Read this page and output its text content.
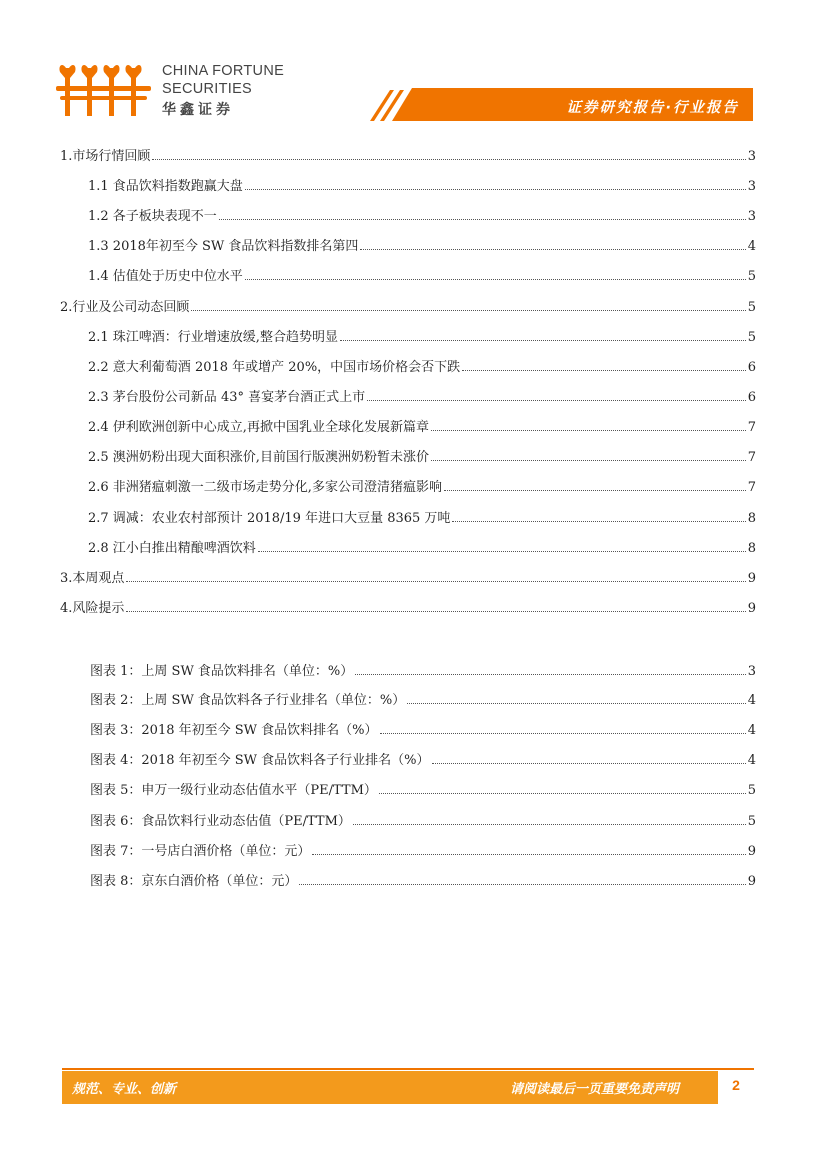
CHINA FORTUNE
SECURITIES
华鑫证券	证券研究报告·行业报告
1.市场行情回顾	3
1.1 食品饮料指数跑赢大盘	3
1.2 各子板块表现不一	3
1.3 2018年初至今 SW 食品饮料指数排名第四	4
1.4 估值处于历史中位水平	5
2.行业及公司动态回顾	5
2.1 珠江啤酒：行业增速放缓,整合趋势明显	5
2.2 意大利葡萄酒 2018 年或增产 20%，中国市场价格会否下跌	6
2.3 茅台股份公司新品 43° 喜宴茅台酒正式上市	6
2.4 伊利欧洲创新中心成立,再掀中国乳业全球化发展新篇章	7
2.5 澳洲奶粉出现大面积涨价,目前国行版澳洲奶粉暂未涨价	7
2.6 非洲猪瘟刺激一二级市场走势分化,多家公司澄清猪瘟影响	7
2.7 调减：农业农村部预计 2018/19 年进口大豆量 8365 万吨	8
2.8 江小白推出精酿啤酒饮料	8
3.本周观点	9
4.风险提示	9
图表 1：上周 SW 食品饮料排名（单位：%）	3
图表 2：上周 SW 食品饮料各子行业排名（单位：%）	4
图表 3：2018 年初至今 SW 食品饮料排名（%）	4
图表 4：2018 年初至今 SW 食品饮料各子行业排名（%）	4
图表 5：申万一级行业动态估值水平（PE/TTM）	5
图表 6：食品饮料行业动态估值（PE/TTM）	5
图表 7：一号店白酒价格（单位：元）	9
图表 8：京东白酒价格（单位：元）	9
规范、专业、创新	请阅读最后一页重要免责声明	2
